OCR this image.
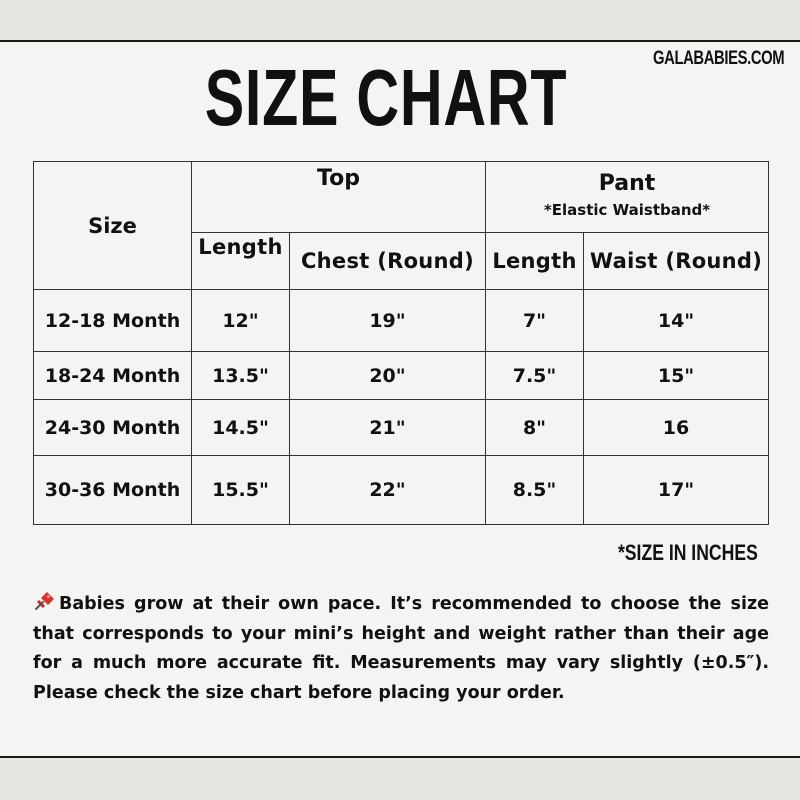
GALABABIES.COM
SIZE CHART
Size	Top		Pant
*Elastic Waistband*	

	Length	Chest (Round)	Length	Waist (Round)
12-18 Month	12"	19"	7"	14"
18-24 Month	13.5"	20"	7.5"	15"
24-30 Month	14.5"	21"	8"	16
30-36 Month	15.5"	22"	8.5"	17"
*SIZE IN INCHES
Babies grow at their own pace. It’s recommended to choose the size that corresponds to your mini’s height and weight rather than their age for a much more accurate fit. Measurements may vary slightly (±0.5″). Please check the size chart before placing your order.
